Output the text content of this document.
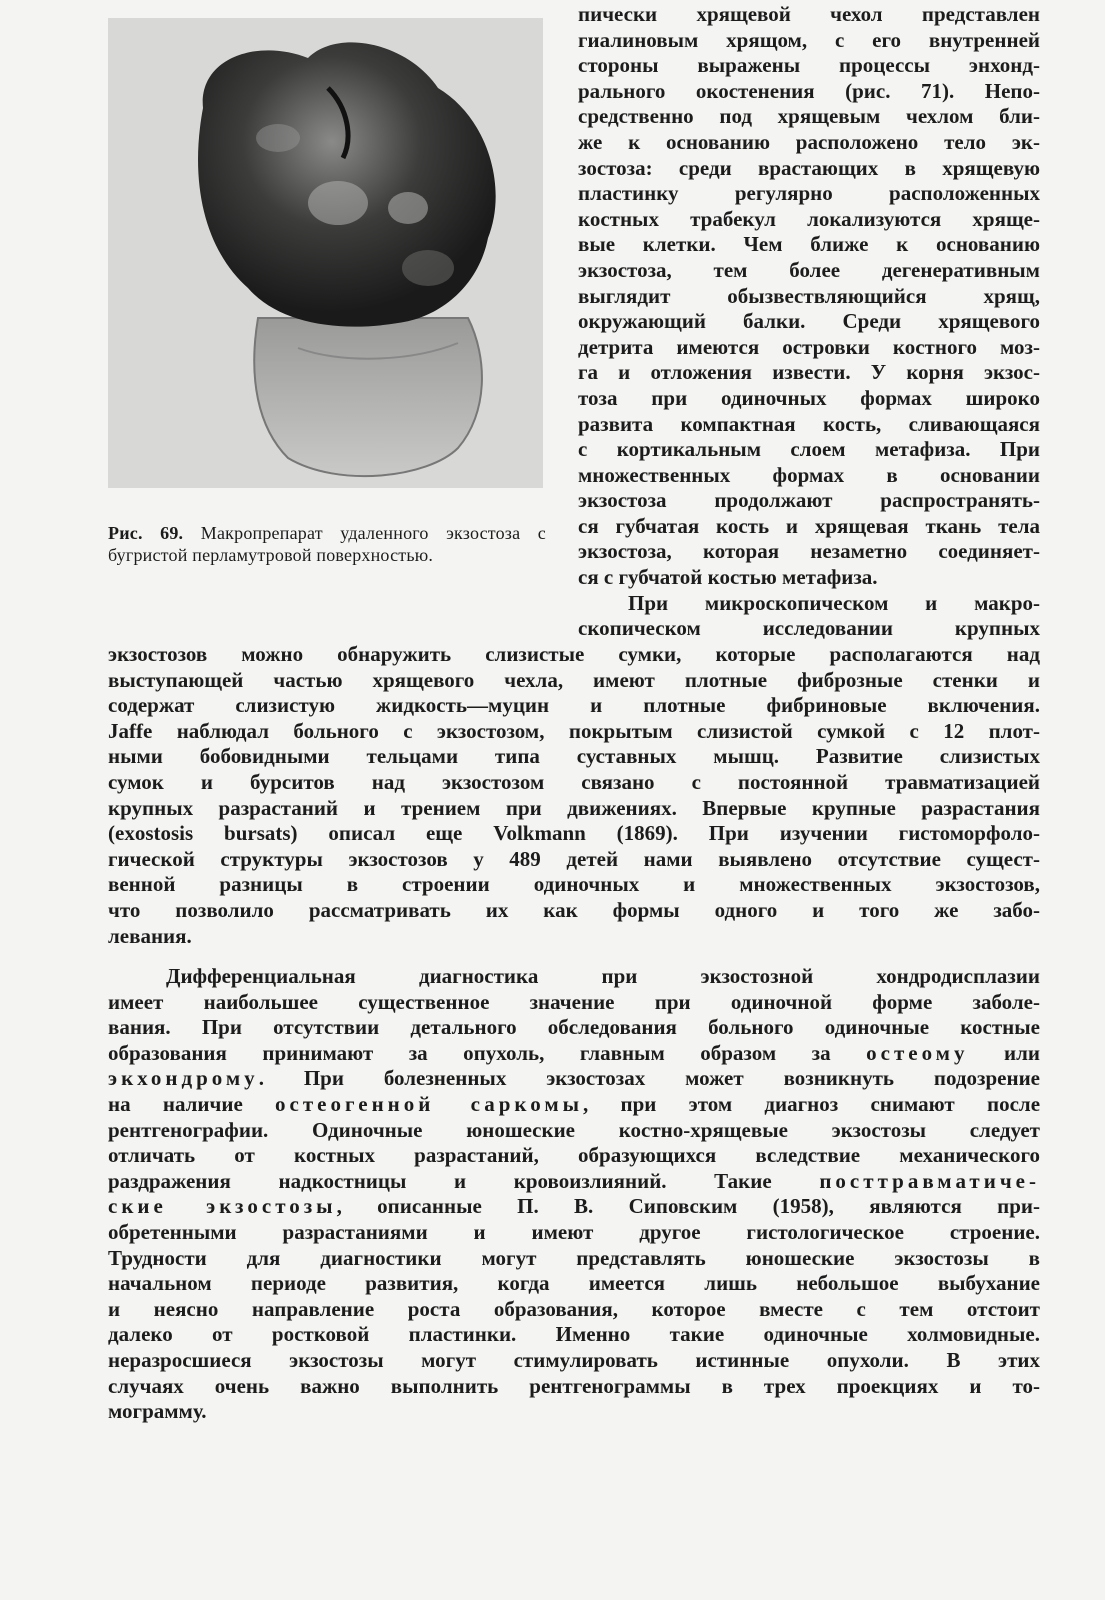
Рис. 69. Макропрепарат удаленного экзостоза с бугристой перламутровой поверхностью.
пически хрящевой чехол представлен
гиалиновым хрящом, с его внутренней
стороны выражены процессы энхонд-
рального окостенения (рис. 71). Непо-
средственно под хрящевым чехлом бли-
же к основанию расположено тело эк-
зостоза: среди врастающих в хрящевую
пластинку регулярно расположенных
костных трабекул локализуются хряще-
вые клетки. Чем ближе к основанию
экзостоза, тем более дегенеративным
выглядит обызвествляющийся хрящ,
окружающий балки. Среди хрящевого
детрита имеются островки костного моз-
га и отложения извести. У корня экзос-
тоза при одиночных формах широко
развита компактная кость, сливающаяся
с кортикальным слоем метафиза. При
множественных формах в основании
экзостоза продолжают распространять-
ся губчатая кость и хрящевая ткань тела
экзостоза, которая незаметно соединяет-
ся с губчатой костью метафиза.
При микроскопическом и макро-
скопическом исследовании крупных
экзостозов можно обнаружить слизистые сумки, которые располагаются над
выступающей частью хрящевого чехла, имеют плотные фиброзные стенки и
содержат слизистую жидкость—муцин и плотные фибриновые включения.
Jaffe наблюдал больного с экзостозом, покрытым слизистой сумкой с 12 плот-
ными бобовидными тельцами типа суставных мышц. Развитие слизистых
сумок и бурситов над экзостозом связано с постоянной травматизацией
крупных разрастаний и трением при движениях. Впервые крупные разрастания
(exostosis bursats) описал еще Volkmann (1869). При изучении гистоморфоло-
гической структуры экзостозов у 489 детей нами выявлено отсутствие сущест-
венной разницы в строении одиночных и множественных экзостозов,
что позволило рассматривать их как формы одного и того же забо-
левания.
Дифференциальная диагностика при экзостозной хондродисплазии
имеет наибольшее существенное значение при одиночной форме заболе-
вания. При отсутствии детального обследования больного одиночные костные
образования принимают за опухоль, главным образом за остеому или
экхондрому. При болезненных экзостозах может возникнуть подозрение
на наличие остеогенной саркомы, при этом диагноз снимают после
рентгенографии. Одиночные юношеские костно-хрящевые экзостозы следует
отличать от костных разрастаний, образующихся вследствие механического
раздражения надкостницы и кровоизлияний. Такие посттравматиче-
ские экзостозы, описанные П. В. Сиповским (1958), являются при-
обретенными разрастаниями и имеют другое гистологическое строение.
Трудности для диагностики могут представлять юношеские экзостозы в
начальном периоде развития, когда имеется лишь небольшое выбухание
и неясно направление роста образования, которое вместе с тем отстоит
далеко от ростковой пластинки. Именно такие одиночные холмовидные.
неразросшиеся экзостозы могут стимулировать истинные опухоли. В этих
случаях очень важно выполнить рентгенограммы в трех проекциях и то-
мограмму.
